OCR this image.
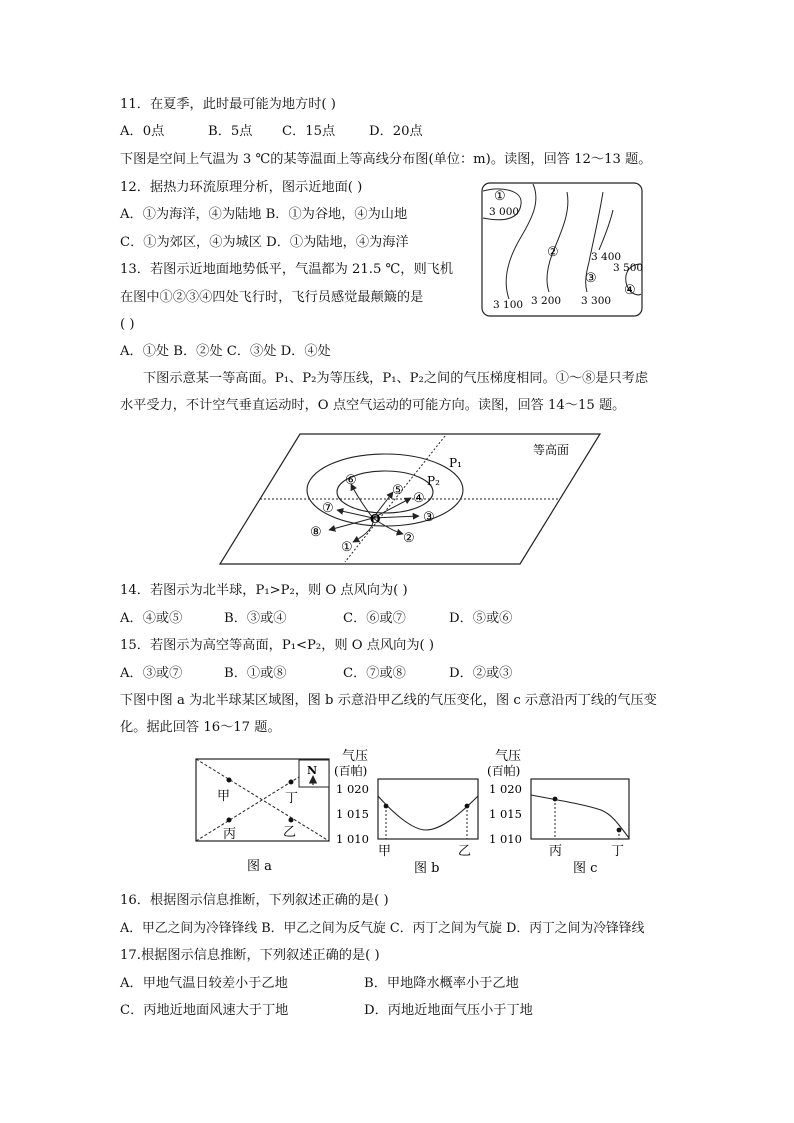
11．在夏季，此时最可能为地方时( )
A．0点	B．5点 C．15点	D．20点
下图是空间上气温为 3 ℃的某等温面上等高线分布图(单位：m)。读图，回答 12～13 题。
12．据热力环流原理分析，图示近地面( )
A．①为海洋，④为陆地 B．①为谷地，④为山地
C．①为郊区，④为城区 D．①为陆地，④为海洋
13．若图示近地面地势低平，气温都为 21.5 ℃，则飞机
在图中①②③④四处飞行时，飞行员感觉最颠簸的是
( )
A．①处 B．②处 C．③处 D．④处
①
3 000
②
③
④
3 400
3 500
3 100 3 200 3 300
下图示意某一等高面。P₁、P₂为等压线，P₁、P₂之间的气压梯度相同。①～⑧是只考虑
水平受力，不计空气垂直运动时，O 点空气运动的可能方向。读图，回答 14～15 题。
等高面
P₁
P₂
O
①
②
③
④
⑤
⑥
⑦
⑧
14．若图示为北半球，P₁>P₂，则 O 点风向为( )
A．④或⑤	B．③或④	C．⑥或⑦	D．⑤或⑥
15．若图示为高空等高面，P₁<P₂，则 O 点风向为( )
A．③或⑦	B．①或⑧	C．⑦或⑧	D．②或③
下图中图 a 为北半球某区域图，图 b 示意沿甲乙线的气压变化，图 c 示意沿丙丁线的气压变
化。据此回答 16～17 题。
N
甲
乙
丙
丁
图 a
气压
(百帕)
1 020
1 015
1 010
甲	乙
图 b
气压
(百帕)
1 020
1 015
1 010
丙	丁
图 c
16．根据图示信息推断，下列叙述正确的是( )
A．甲乙之间为冷锋锋线 B．甲乙之间为反气旋 C．丙丁之间为气旋 D．丙丁之间为冷锋锋线
17.根据图示信息推断，下列叙述正确的是( )
A．甲地气温日较差小于乙地	B．甲地降水概率小于乙地
C．丙地近地面风速大于丁地	D．丙地近地面气压小于丁地
